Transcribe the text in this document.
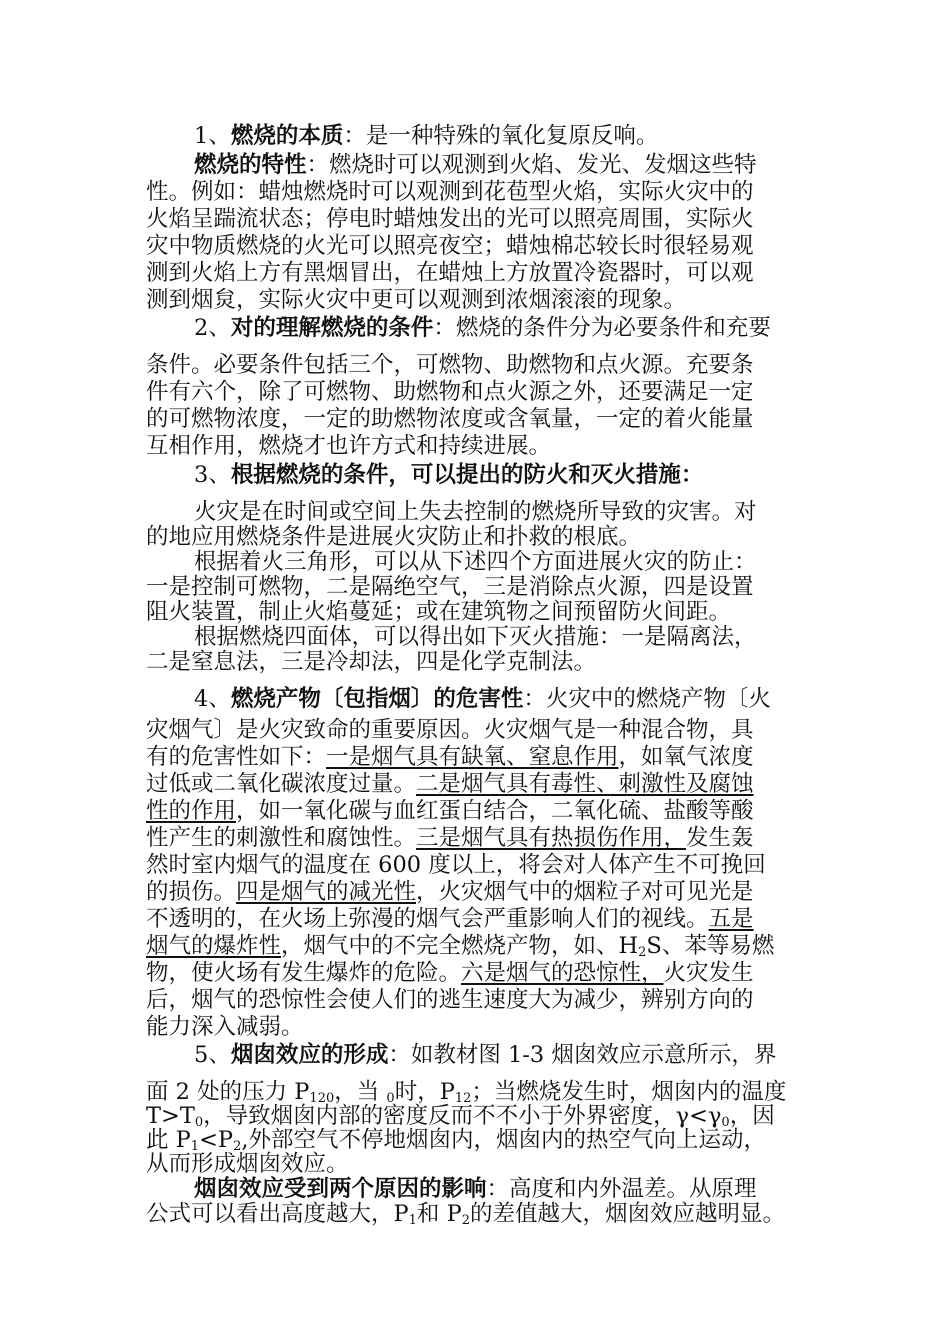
1、燃烧的本质：是一种特殊的氧化复原反响。

燃烧的特性：燃烧时可以观测到火焰、发光、发烟这些特

性。例如：蜡烛燃烧时可以观测到花苞型火焰，实际火灾中的

火焰呈踹流状态；停电时蜡烛发出的光可以照亮周围，实际火

灾中物质燃烧的火光可以照亮夜空；蜡烛棉芯较长时很轻易观

测到火焰上方有黑烟冒出，在蜡烛上方放置冷瓷器时，可以观

测到烟炱，实际火灾中更可以观测到浓烟滚滚的现象。

2、对的理解燃烧的条件：燃烧的条件分为必要条件和充要

条件。必要条件包括三个，可燃物、助燃物和点火源。充要条

件有六个，除了可燃物、助燃物和点火源之外，还要满足一定

的可燃物浓度，一定的助燃物浓度或含氧量，一定的着火能量

互相作用，燃烧才也许方式和持续进展。

3、根据燃烧的条件，可以提出的防火和灭火措施：

火灾是在时间或空间上失去控制的燃烧所导致的灾害。对

的地应用燃烧条件是进展火灾防止和扑救的根底。

根据着火三角形，可以从下述四个方面进展火灾的防止：

一是控制可燃物，二是隔绝空气，三是消除点火源，四是设置

阻火装置，制止火焰蔓延；或在建筑物之间预留防火间距。

根据燃烧四面体，可以得出如下灭火措施：一是隔离法，

二是窒息法，三是冷却法，四是化学克制法。

4、燃烧产物〔包指烟〕的危害性：火灾中的燃烧产物〔火

灾烟气〕是火灾致命的重要原因。火灾烟气是一种混合物，具

有的危害性如下：一是烟气具有缺氧、窒息作用，如氧气浓度

过低或二氧化碳浓度过量。二是烟气具有毒性、刺激性及腐蚀

性的作用，如一氧化碳与血红蛋白结合，二氧化硫、盐酸等酸

性产生的刺激性和腐蚀性。三是烟气具有热损伤作用，发生轰

然时室内烟气的温度在 600 度以上，将会对人体产生不可挽回

的损伤。四是烟气的减光性，火灾烟气中的烟粒子对可见光是

不透明的，在火场上弥漫的烟气会严重影响人们的视线。五是

烟气的爆炸性，烟气中的不完全燃烧产物，如、$H_2S$、苯等易燃

物，使火场有发生爆炸的危险。六是烟气的恐惊性，火灾发生

后，烟气的恐惊性会使人们的逃生速度大为减少，辨别方向的

能力深入减弱。

5、烟囱效应的形成：如教材图 1-3 烟囱效应示意所示，界

面 2 处的压力 $P_{120}$，当 $_0$时，$P_{12}$；当燃烧发生时，烟囱内的温度

$T>T_0$，导致烟囱内部的密度反而不不小于外界密度，$\gamma<\gamma_0$，因

此 $P_1<P_2$,外部空气不停地烟囱内，烟囱内的热空气向上运动，

从而形成烟囱效应。

烟囱效应受到两个原因的影响：高度和内外温差。从原理

公式可以看出高度越大，$P_1$和 $P_2$的差值越大，烟囱效应越明显。
